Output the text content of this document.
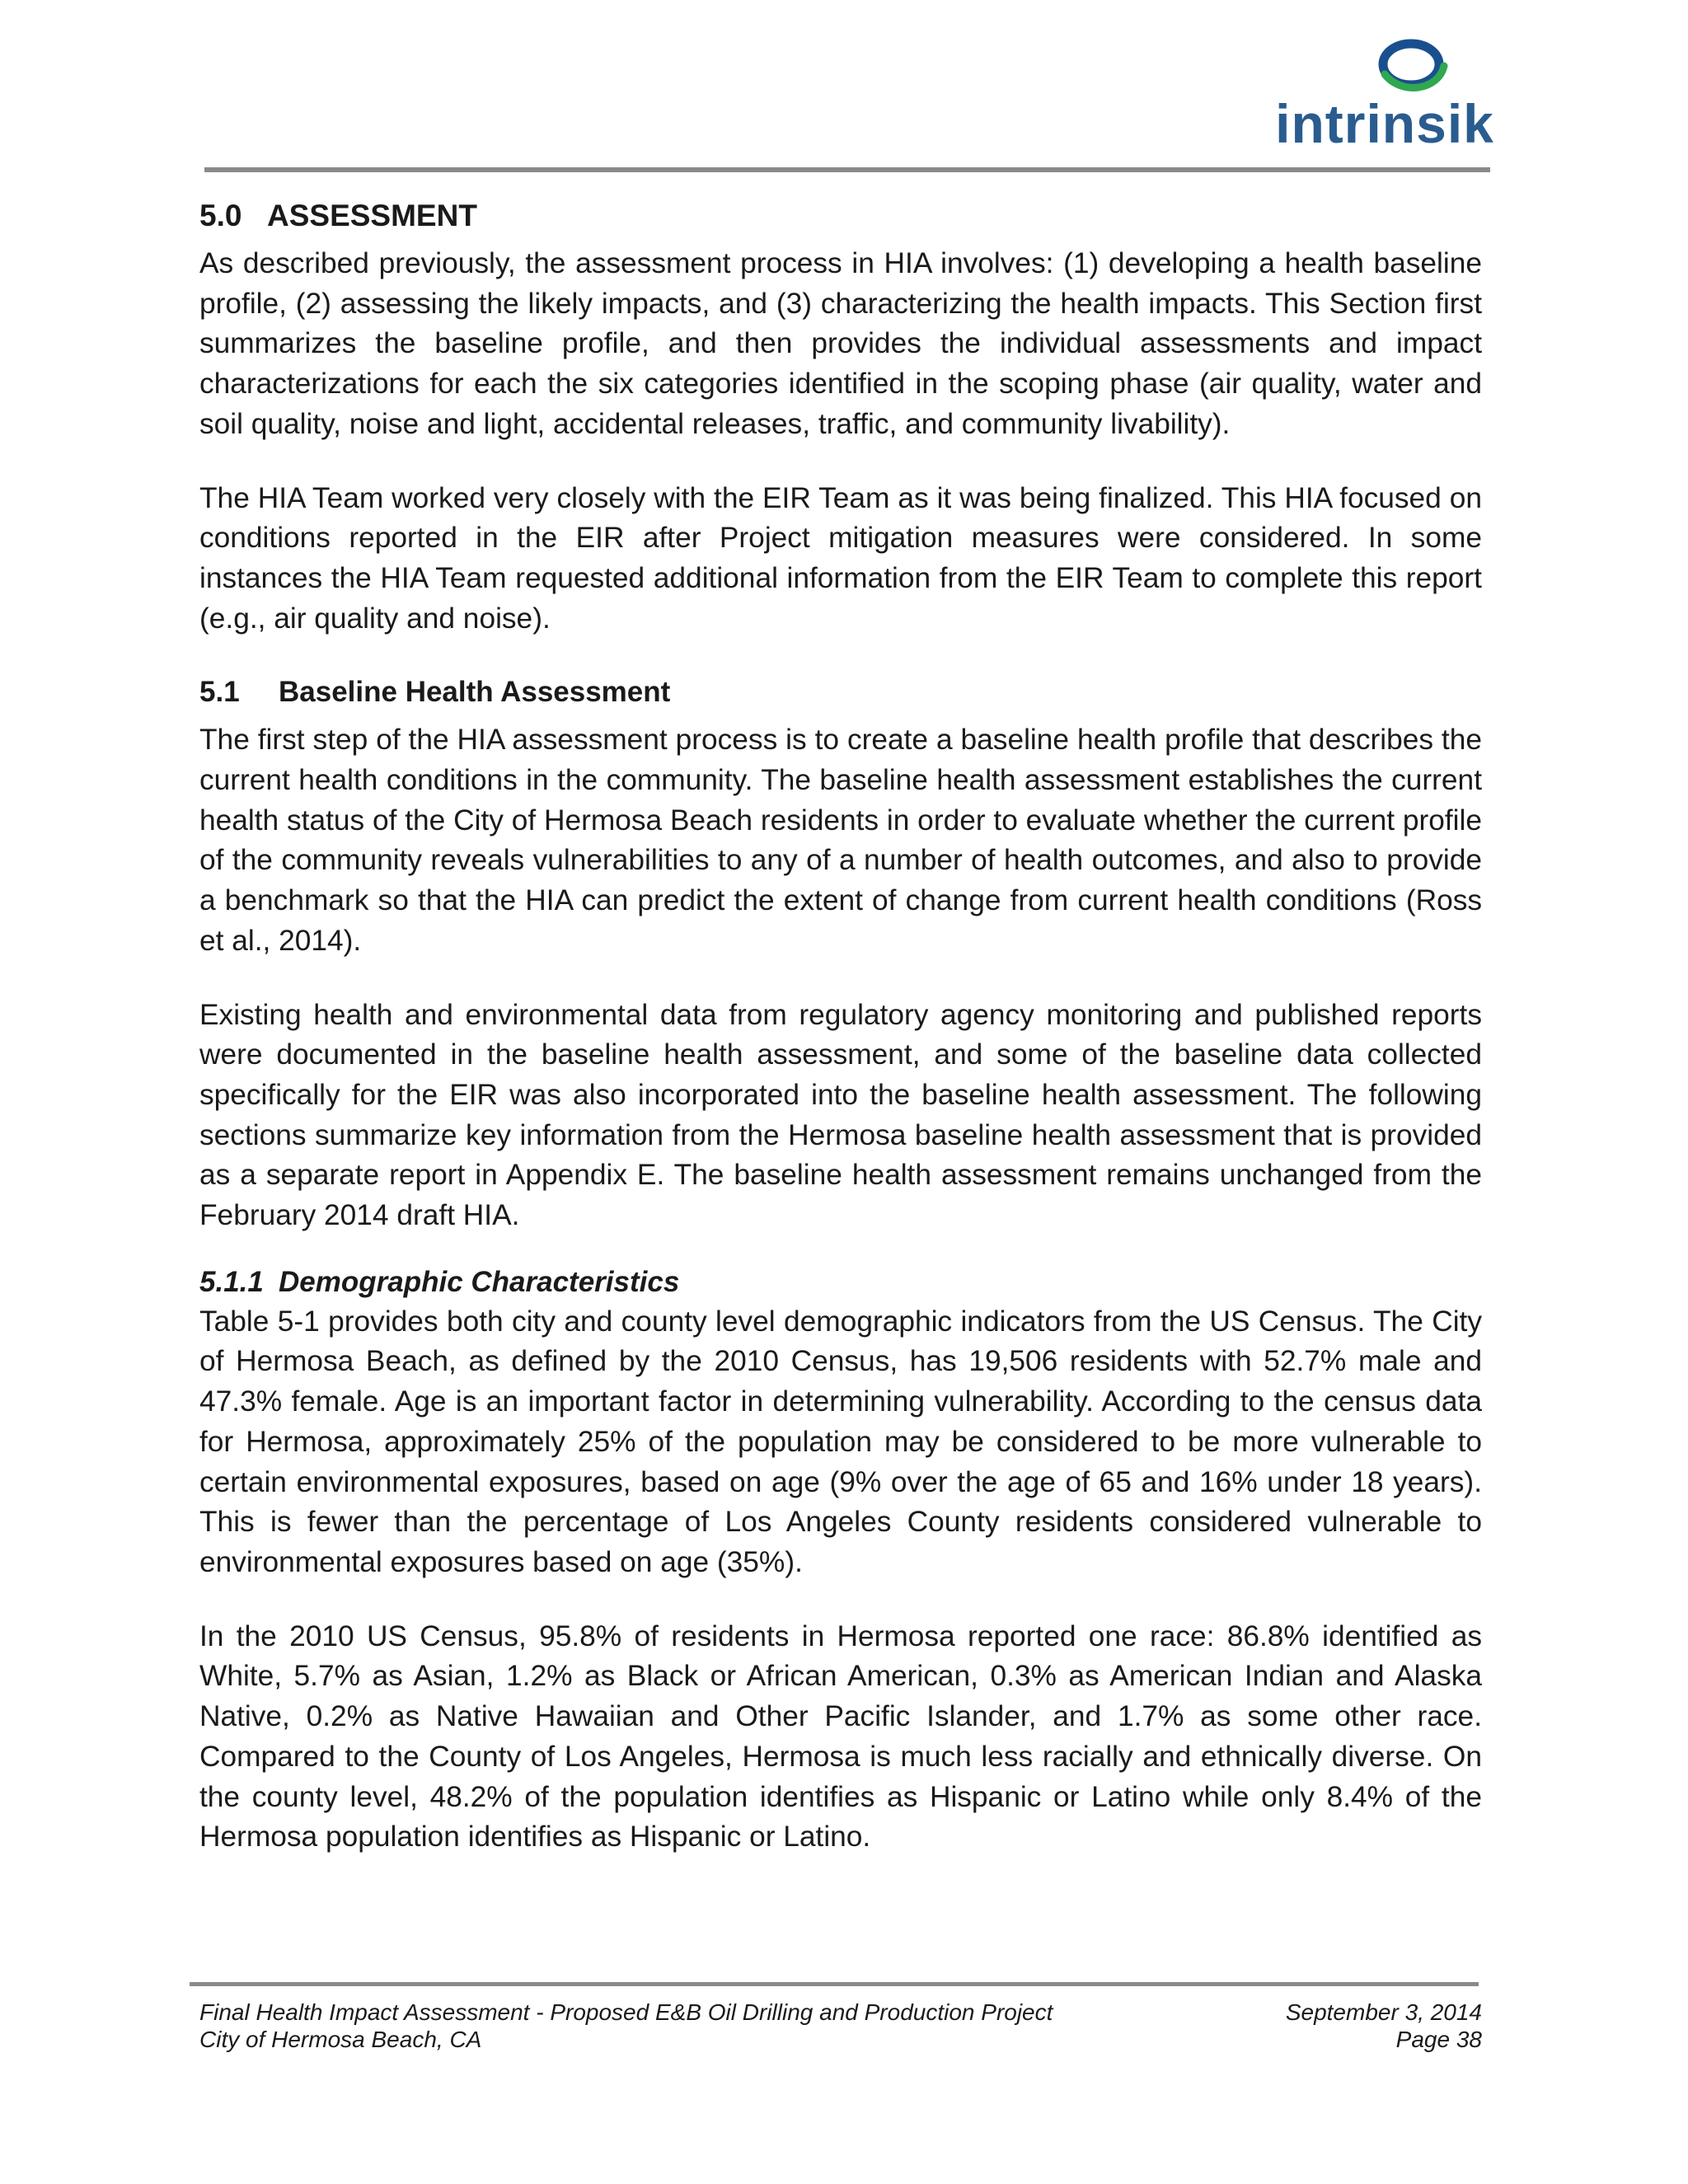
intrinsik
5.0 ASSESSMENT

As described previously, the assessment process in HIA involves: (1) developing a health baseline profile, (2) assessing the likely impacts, and (3) characterizing the health impacts. This Section first summarizes the baseline profile, and then provides the individual assessments and impact characterizations for each the six categories identified in the scoping phase (air quality, water and soil quality, noise and light, accidental releases, traffic, and community livability).

The HIA Team worked very closely with the EIR Team as it was being finalized. This HIA focused on conditions reported in the EIR after Project mitigation measures were considered. In some instances the HIA Team requested additional information from the EIR Team to complete this report (e.g., air quality and noise).

5.1 Baseline Health Assessment

The first step of the HIA assessment process is to create a baseline health profile that describes the current health conditions in the community. The baseline health assessment establishes the current health status of the City of Hermosa Beach residents in order to evaluate whether the current profile of the community reveals vulnerabilities to any of a number of health outcomes, and also to provide a benchmark so that the HIA can predict the extent of change from current health conditions (Ross et al., 2014).

Existing health and environmental data from regulatory agency monitoring and published reports were documented in the baseline health assessment, and some of the baseline data collected specifically for the EIR was also incorporated into the baseline health assessment. The following sections summarize key information from the Hermosa baseline health assessment that is provided as a separate report in Appendix E. The baseline health assessment remains unchanged from the February 2014 draft HIA.

5.1.1 Demographic Characteristics

Table 5-1 provides both city and county level demographic indicators from the US Census. The City of Hermosa Beach, as defined by the 2010 Census, has 19,506 residents with 52.7% male and 47.3% female. Age is an important factor in determining vulnerability. According to the census data for Hermosa, approximately 25% of the population may be considered to be more vulnerable to certain environmental exposures, based on age (9% over the age of 65 and 16% under 18 years). This is fewer than the percentage of Los Angeles County residents considered vulnerable to environmental exposures based on age (35%).

In the 2010 US Census, 95.8% of residents in Hermosa reported one race: 86.8% identified as White, 5.7% as Asian, 1.2% as Black or African American, 0.3% as American Indian and Alaska Native, 0.2% as Native Hawaiian and Other Pacific Islander, and 1.7% as some other race. Compared to the County of Los Angeles, Hermosa is much less racially and ethnically diverse. On the county level, 48.2% of the population identifies as Hispanic or Latino while only 8.4% of the Hermosa population identifies as Hispanic or Latino.

Final Health Impact Assessment - Proposed E&B Oil Drilling and Production Project	September 3, 2014
City of Hermosa Beach, CA	Page 38
